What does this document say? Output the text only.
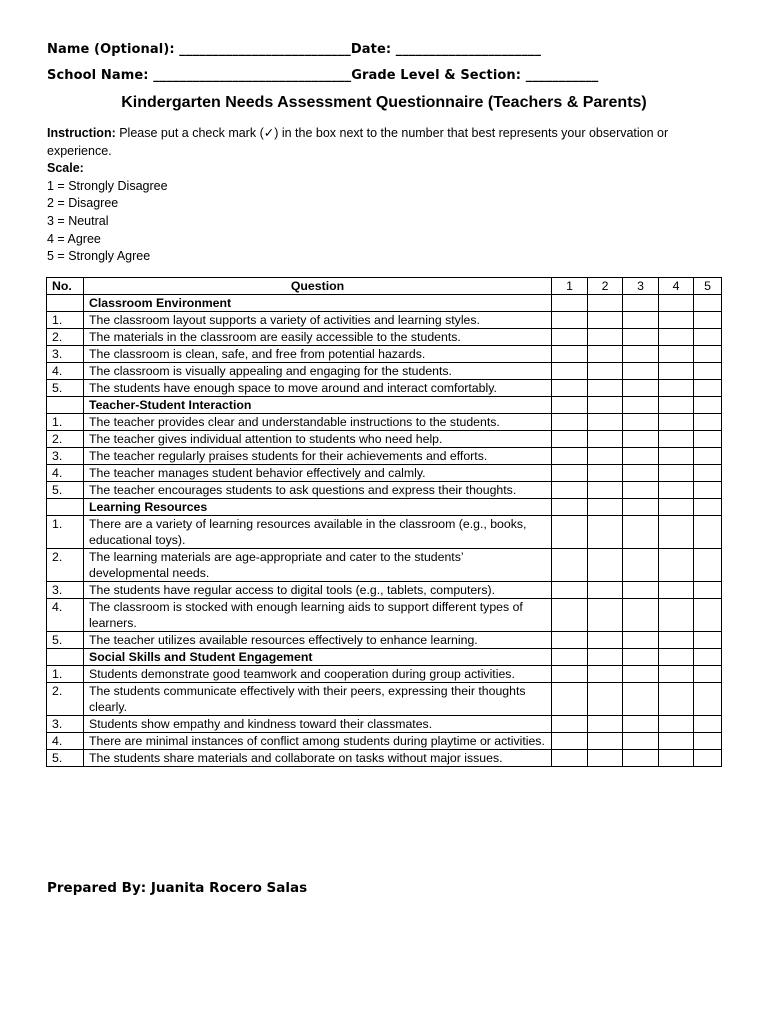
Name (Optional): __________________________Date: ______________________
School Name: ______________________________Grade Level & Section: ___________
Kindergarten Needs Assessment Questionnaire (Teachers & Parents)
Instruction: Please put a check mark (✓) in the box next to the number that best represents your observation or experience.
Scale:
1 = Strongly Disagree
2 = Disagree
3 = Neutral
4 = Agree
5 = Strongly Agree
No.	Question	1	2	3	4	5
	Classroom Environment					
1.	The classroom layout supports a variety of activities and learning styles.					
2.	The materials in the classroom are easily accessible to the students.					
3.	The classroom is clean, safe, and free from potential hazards.					
4.	The classroom is visually appealing and engaging for the students.					
5.	The students have enough space to move around and interact comfortably.					
	Teacher-Student Interaction					
1.	The teacher provides clear and understandable instructions to the students.					
2.	The teacher gives individual attention to students who need help.					
3.	The teacher regularly praises students for their achievements and efforts.					
4.	The teacher manages student behavior effectively and calmly.					
5.	The teacher encourages students to ask questions and express their thoughts.					
	Learning Resources					
1.	There are a variety of learning resources available in the classroom (e.g., books, educational toys).					
2.	The learning materials are age-appropriate and cater to the students’ developmental needs.					
3.	The students have regular access to digital tools (e.g., tablets, computers).					
4.	The classroom is stocked with enough learning aids to support different types of learners.					
5.	The teacher utilizes available resources effectively to enhance learning.					
	Social Skills and Student Engagement					
1.	Students demonstrate good teamwork and cooperation during group activities.					
2.	The students communicate effectively with their peers, expressing their thoughts clearly.					
3.	Students show empathy and kindness toward their classmates.					
4.	There are minimal instances of conflict among students during playtime or activities.					
5.	The students share materials and collaborate on tasks without major issues.					
Prepared By: Juanita Rocero Salas
